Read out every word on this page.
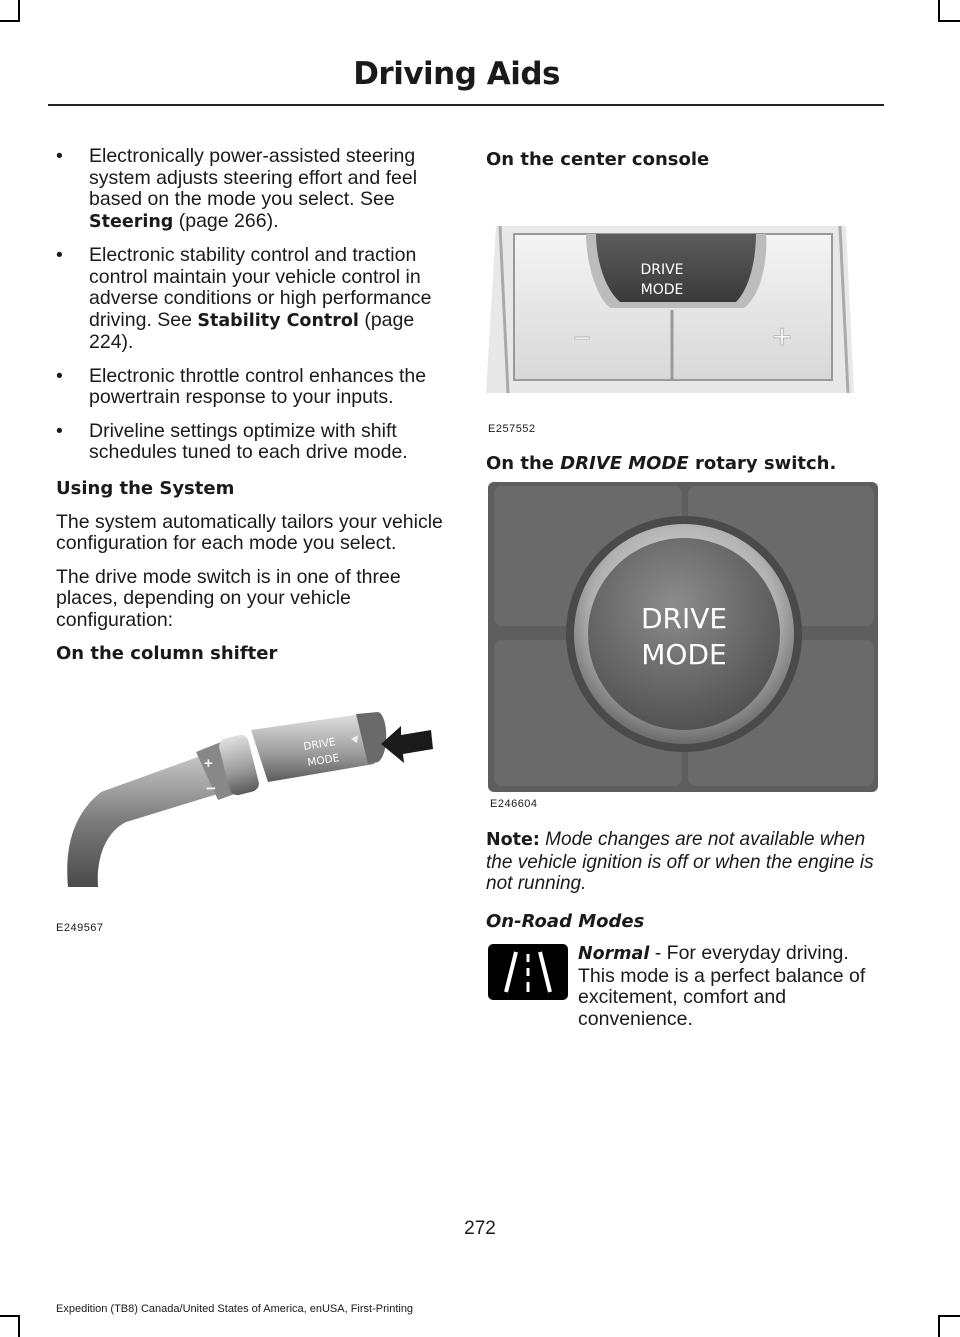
Driving Aids
• Electronically power-assisted steering system adjusts steering effort and feel based on the mode you select. See Steering (page 266).
• Electronic stability control and traction control maintain your vehicle control in adverse conditions or high performance driving. See Stability Control (page 224).
• Electronic throttle control enhances the powertrain response to your inputs.
• Driveline settings optimize with shift schedules tuned to each drive mode.
Using the System

The system automatically tailors your vehicle configuration for each mode you select.

The drive mode switch is in one of three places, depending on your vehicle configuration:

On the column shifter
+
−
DRIVE
MODE
E249567
On the center console
DRIVE
MODE
−	+
E257552
On the DRIVE MODE rotary switch.
DRIVE
MODE
E246604

Note: Mode changes are not available when the vehicle ignition is off or when the engine is not running.

On-Road Modes
Normal - For everyday driving. This mode is a perfect balance of excitement, comfort and convenience.
272
Expedition (TB8) Canada/United States of America, enUSA, First-Printing
